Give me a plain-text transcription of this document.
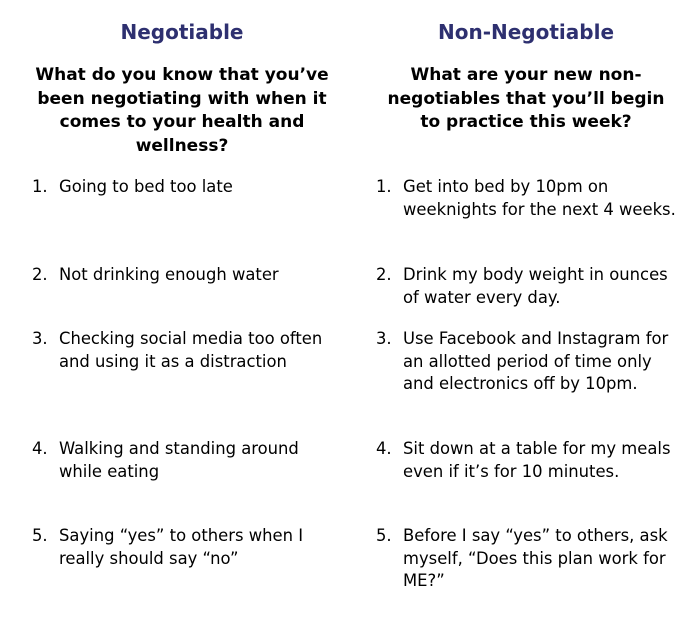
Negotiable
What do you know that you’ve been negotiating with when it comes to your health and wellness?
1. Going to bed too late
2. Not drinking enough water
3. Checking social media too often and using it as a distraction
4. Walking and standing around while eating
5. Saying “yes” to others when I really should say “no”
Non-Negotiable
What are your new non-negotiables that you’ll begin to practice this week?
1. Get into bed by 10pm on weeknights for the next 4 weeks.
2. Drink my body weight in ounces of water every day.
3. Use Facebook and Instagram for an allotted period of time only and electronics off by 10pm.
4. Sit down at a table for my meals even if it’s for 10 minutes.
5. Before I say “yes” to others, ask myself, “Does this plan work for ME?”
